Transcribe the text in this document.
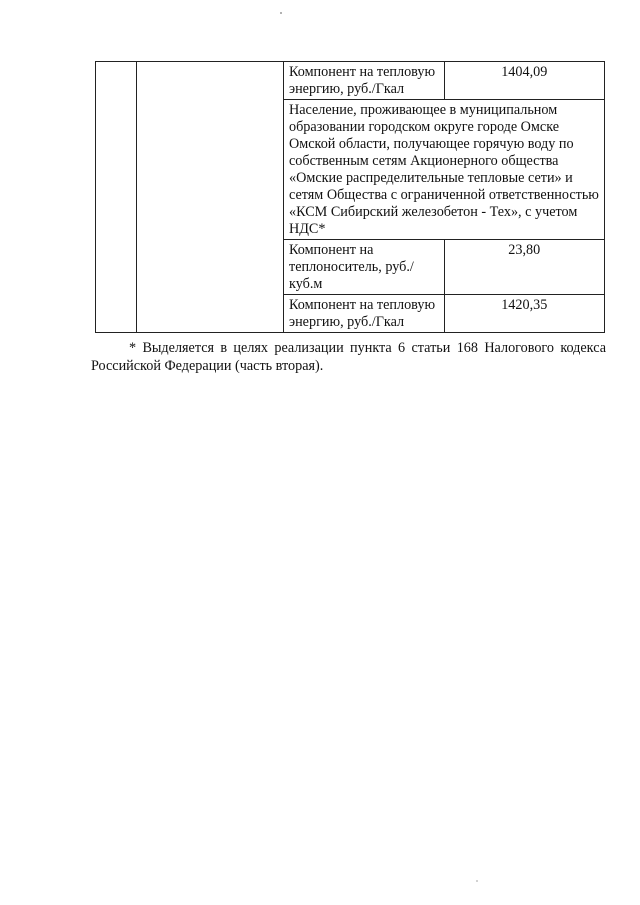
		Компонент на тепловую энергию, руб./Гкал	1404,09
		Население, проживающее в муниципальном образовании городском округе городе Омске Омской области, получающее горячую воду по собственным сетям Акционерного общества «Омские распределительные тепловые сети» и сетям Общества с ограниченной ответственностью «КСМ Сибирский железобетон - Тех», с учетом НДС*	
		Компонент на теплоноситель, руб./куб.м	23,80
		Компонент на тепловую энергию, руб./Гкал	1420,35

* Выделяется в целях реализации пункта 6 статьи 168 Налогового кодекса Российской Федерации (часть вторая).
